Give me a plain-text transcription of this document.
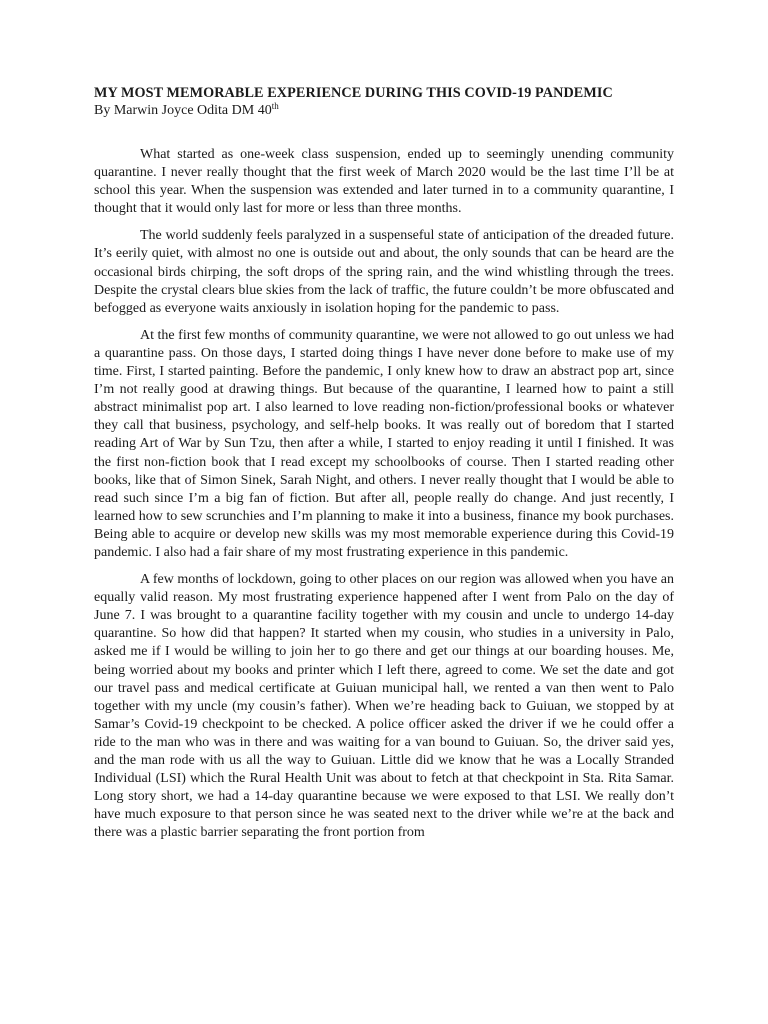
MY MOST MEMORABLE EXPERIENCE DURING THIS COVID-19 PANDEMIC

By Marwin Joyce Odita DM 40th

What started as one-week class suspension, ended up to seemingly unending community quarantine. I never really thought that the first week of March 2020 would be the last time I’ll be at school this year. When the suspension was extended and later turned in to a community quarantine, I thought that it would only last for more or less than three months.

The world suddenly feels paralyzed in a suspenseful state of anticipation of the dreaded future. It’s eerily quiet, with almost no one is outside out and about, the only sounds that can be heard are the occasional birds chirping, the soft drops of the spring rain, and the wind whistling through the trees. Despite the crystal clears blue skies from the lack of traffic, the future couldn’t be more obfuscated and befogged as everyone waits anxiously in isolation hoping for the pandemic to pass.

At the first few months of community quarantine, we were not allowed to go out unless we had a quarantine pass. On those days, I started doing things I have never done before to make use of my time. First, I started painting. Before the pandemic, I only knew how to draw an abstract pop art, since I’m not really good at drawing things. But because of the quarantine, I learned how to paint a still abstract minimalist pop art. I also learned to love reading non-fiction/professional books or whatever they call that business, psychology, and self-help books. It was really out of boredom that I started reading Art of War by Sun Tzu, then after a while, I started to enjoy reading it until I finished. It was the first non-fiction book that I read except my schoolbooks of course. Then I started reading other books, like that of Simon Sinek, Sarah Night, and others. I never really thought that I would be able to read such since I’m a big fan of fiction. But after all, people really do change. And just recently, I learned how to sew scrunchies and I’m planning to make it into a business, finance my book purchases. Being able to acquire or develop new skills was my most memorable experience during this Covid-19 pandemic. I also had a fair share of my most frustrating experience in this pandemic.

A few months of lockdown, going to other places on our region was allowed when you have an equally valid reason. My most frustrating experience happened after I went from Palo on the day of June 7. I was brought to a quarantine facility together with my cousin and uncle to undergo 14-day quarantine. So how did that happen? It started when my cousin, who studies in a university in Palo, asked me if I would be willing to join her to go there and get our things at our boarding houses. Me, being worried about my books and printer which I left there, agreed to come. We set the date and got our travel pass and medical certificate at Guiuan municipal hall, we rented a van then went to Palo together with my uncle (my cousin’s father). When we’re heading back to Guiuan, we stopped by at Samar’s Covid-19 checkpoint to be checked. A police officer asked the driver if we he could offer a ride to the man who was in there and was waiting for a van bound to Guiuan. So, the driver said yes, and the man rode with us all the way to Guiuan. Little did we know that he was a Locally Stranded Individual (LSI) which the Rural Health Unit was about to fetch at that checkpoint in Sta. Rita Samar. Long story short, we had a 14-day quarantine because we were exposed to that LSI. We really don’t have much exposure to that person since he was seated next to the driver while we’re at the back and there was a plastic barrier separating the front portion from
